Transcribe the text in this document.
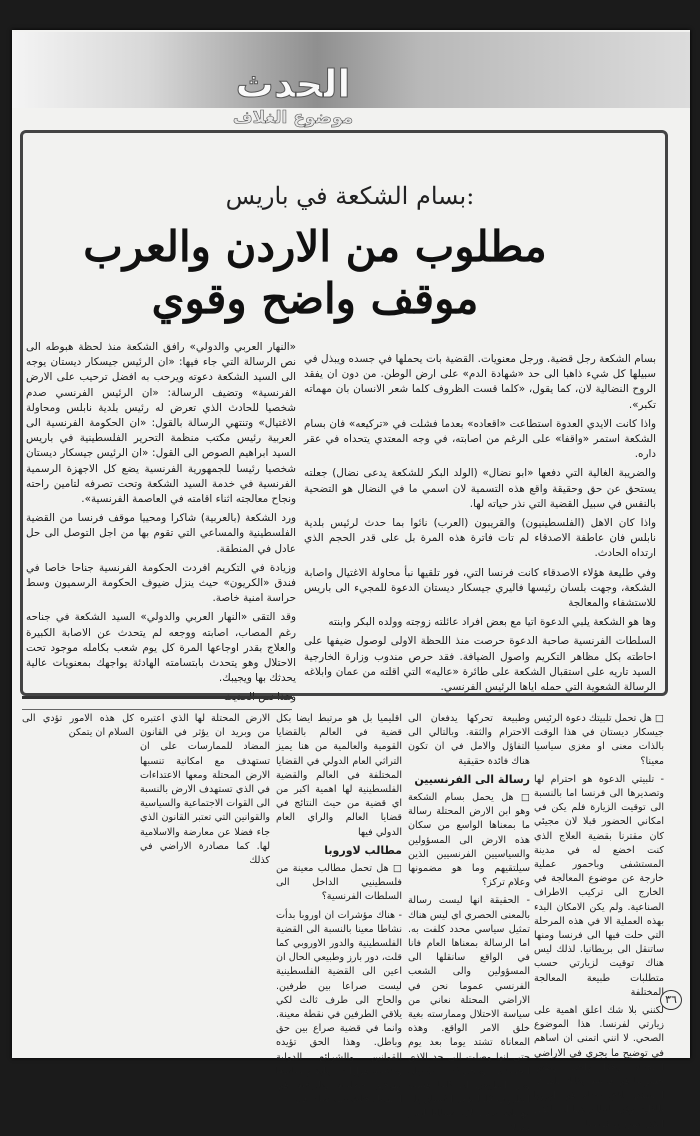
الحدث
موضوع الغلاف
بسام الشكعة في باريس:
مطلوب من الاردن والعرب
موقف واضح وقوي

بسام الشكعة رجل قضية. ورجل معنويات. القضية بات يحملها في جسده ويبذل في سبيلها كل شيء ذاهبا الى حد «شهادة الدم» على ارض الوطن. من دون ان يفقد الروح النضالية لان، كما يقول، «كلما قست الظروف كلما شعر الانسان بان مهماته تكبر».

واذا كانت الايدي العدوة استطاعت «اقعاده» بعدما فشلت في «تركيعه» فان بسام الشكعة استمر «واقفا» على الرغم من اصابته، في وجه المعتدي يتحداه في عقر داره.

والضريبة الغالية التي دفعها «ابو نضال» (الولد البكر للشكعة يدعى نضال) جعلته يستحق عن حق وحقيقة واقع هذه التسمية لان اسمي ما في النضال هو التضحية بالنفس في سبيل القضية التي نذر حياته لها.

واذا كان الاهل (الفلسطينيون) والقريبون (العرب) نائوا بما حدث لرئيس بلدية نابلس فان عاطفة الاصدقاء لم تات فاترة هذه المرة بل على قدر الحجم الذي ارتداه الحادث.

وفي طليعة هؤلاء الاصدقاء كانت فرنسا التي، فور تلقيها نبأ محاولة الاغتيال واصابة الشكعة، وجهت بلسان رئيسها فاليري جيسكار ديستان الدعوة للمجيء الى باريس للاستشفاء والمعالجة

وها هو الشكعة يلبي الدعوة اتيا مع بعض افراد عائلته زوجته وولده البكر وابنته

السلطات الفرنسية صاحبة الدعوة حرصت منذ اللحظة الاولى لوصول ضيفها على احاطته بكل مظاهر التكريم واصول الضيافة. فقد حرص مندوب وزارة الخارجية السيد تاريه على استقبال الشكعة على طائرة «عاليه» التي اقلته من عمان وابلاغه الرسالة الشعوية التي حمله اياها الرئيس الفرنسي.

«النهار العربي والدولي» رافق الشكعة منذ لحظة هبوطه الى نص الرسالة التي جاء فيها: «ان الرئيس جيسكار ديستان يوجه الى السيد الشكعة دعوته ويرحب به افضل ترحيب على الارض الفرنسية» وتضيف الرسالة: «ان الرئيس الفرنسي صدم شخصيا للحادث الذي تعرض له رئيس بلدية نابلس ومحاولة الاغتيال» وتنتهي الرسالة بالقول: «ان الحكومة الفرنسية الى العربية رئيس مكتب منظمة التحرير الفلسطينية في باريس السيد ابراهيم الصوص الى القول: «ان الرئيس جيسكار ديستان شخصيا رئيسا للجمهورية الفرنسية يضع كل الاجهزة الرسمية الفرنسية في خدمة السيد الشكعة وتحت تصرفه لتامين راحته ونجاح معالجته اثناء اقامته في العاصمة الفرنسية».

ورد الشكعة (بالعربية) شاكرا ومحييا موقف فرنسا من القضية الفلسطينية والمساعي التي تقوم بها من اجل التوصل الى حل عادل في المنطقة.

وزيادة في التكريم افردت الحكومة الفرنسية جناحا خاصا في فندق «الكريون» حيث ينزل ضيوف الحكومة الرسميون وسط حراسة امنية خاصة.

وقد التقى «النهار العربي والدولي» السيد الشكعة في جناحه رغم المصاب، اصابته ووجعه لم يتحدث عن الاصابة الكبيرة والعلاج بقدر اوجاعها المرة كل يوم شعب بكامله موجود تحت الاحتلال وهو يتحدث بابتسامته الهادئة يواجهك بمعنويات عالية يحدثك بها ويجيبك.

وهذا نص الحديث

□ هل تحمل تلبيتك دعوة الرئيس جيسكار ديستان في هذا الوقت بالذات معنى او مغزى سياسيا معينا؟

- تلبيتي الدعوة هو احترام لها وتصديرها الى فرنسا اما بالنسبة الى توقيت الزيارة فلم يكن في امكاني الحضور قبلا لان مجيئي كان مقترنا بقضية العلاج الذي كنت اخضع له في مدينة المستشفى وباحمور عملية خارجة عن موضوع المعالجة في الخارج الى تركيب الاطراف الصناعية. ولم يكن الامكان البدء بهذه العملية الا في هذه المرحلة التي حلت فيها الى فرنسا ومنها ساتنقل الى بريطانيا. لذلك ليس هناك توقيت لزيارتي حسب متطلبات طبيعة المعالجة المختلفة

لكنني بلا شك اعلق اهمية على زيارتي لفرنسا. هذا الموضوع الصحي. لا انني اتمنى ان اساهم في توضيح ما يجري في الاراضي المحتلة. وهذا واجب وطني خصوصا في فرنسا وذلك للمركز المتقدم الذي تحتله في اوروبا بالذات وفي العالم كما ان الثقل الذي تتمتع به فرنسا

وطبيعة تحركها يدفعان الى الاحترام والثقة. وبالتالي الى التفاؤل والامل في ان تكون هناك فائدة حقيقية

رسالة الى الفرنسيين

□ هل يحمل بسام الشكعة وهو ابن الارض المحتلة رسالة ما بمعناها الواسع من سكان هذه الارض الى المسؤولين والسياسيين الفرنسيين الذين سيلتقيهم وما هو مضمونها وعلام تركز؟

- الحقيقة انها ليست رسالة بالمعنى الحصري اي ليس هناك تمثيل سياسي محدد كلفت به. اما الرسالة بمعناها العام فانا في الواقع سانقلها الى المسؤولين والى الشعب الفرنسي عموما نحن في الاراضي المحتلة نعاني من سياسة الاحتلال وممارسته بغية خلق الامر الواقع. وهذه المعاناة تشتد يوما بعد يوم حتى انها وصلت الى حد الاذى الجسدي ومحاولات الاغتيال ومن الطبيعي انه كلما قست الظروف كلما شعر الانسان بان مهماته تكبر. لان نضالنا ليس نضالا

اقليميا بل هو مرتبط ايضا بكل قضية في العالم بالقضايا القومية والعالمية من هنا يميز التراثي العام الدولي في القضايا المختلفة في العالم والقضية الفلسطينية لها اهمية اكبر من اي قضية من حيث النتائج في قضايا العالم والراي العام الدولي فيها

مطالب لاوروبا

□ هل تحمل مطالب معينة من فلسطينيي الداخل الى السلطات الفرنسية؟

- هناك مؤشرات ان اوروبا بدأت نشاطا معينا بالنسبة الى القضية الفلسطينية والدور الاوروبي كما قلت، دور بارز وطبيعي الحال ان اعين الى القضية الفلسطينية ليست صراعا بين طرفين. والحاح الى طرف ثالث لكي يلاقي الطرفين في نقطة معينة. وانما في قضية صراع بين حق وباطل. وهذا الحق تؤيده القوانين والشرائع الدولية وتدعمه قرارات دولية وتساندها مفاهيم حضارية وتاريخية في المقابل هناك ممارسات في

الارض المحتلة لها الذي اعتبره من وبريد ان يؤثر في القانون المضاد للممارسات على ان تستهدف مع امكانية تنسبها الارض المحتلة ومعها الاعتداءات في الذي تستهدف الارض بالنسبة الى القوات الاجتماعية والسياسية والقوانين التي تعتبر القانون الذي جاء فضلا عن معارضة والاسلامية لها. كما مصادرة الاراضي في كذلك

كل هذه الامور تؤدي الى السلام ان يتمكن

٣٦
